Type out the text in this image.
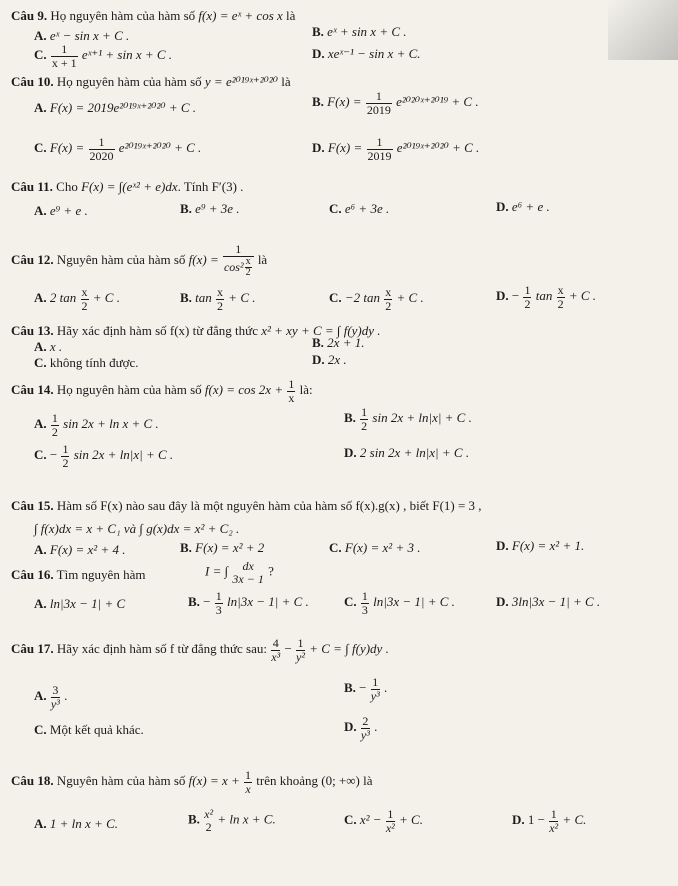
Câu 9. Họ nguyên hàm của hàm số f(x) = eˣ + cos x là
A. eˣ − sin x + C .	B. eˣ + sin x + C .
C. $\frac{1}{x + 1}$ eˣ⁺¹ + sin x + C .	D. xeˣ⁻¹ − sin x + C.
Câu 10. Họ nguyên hàm của hàm số y = e²⁰¹⁹ˣ⁺²⁰²⁰ là
A. F(x) = 2019e²⁰¹⁹ˣ⁺²⁰²⁰ + C .	B. $F(x) = \frac{1}{2019}$ e²⁰²⁰ˣ⁺²⁰¹⁹ + C .
C. $F(x) = \frac{1}{2020}$ e²⁰¹⁹ˣ⁺²⁰²⁰ + C .	D. $F(x) = \frac{1}{2019}$ e²⁰¹⁹ˣ⁺²⁰²⁰ + C .
Câu 11. Cho F(x) = ∫(eˣ² + e)dx. Tính F′(3) .
A. e⁹ + e .	B. e⁹ + 3e .	C. e⁶ + 3e .	D. e⁶ + e .
Câu 12. Nguyên hàm của hàm số $f(x) = \frac{1}{\cos^2 \frac{x}{2}}$ là
A. 2 $\tan \frac{x}{2} + C$ .	B. $\tan \frac{x}{2} + C$ .	C. −2 $\tan \frac{x}{2} + C$ .	D. − $\frac{1}{2}$ $\tan \frac{x}{2} + C$ .
Câu 13. Hãy xác định hàm số f(x) từ đẳng thức x² + xy + C = ∫ f(y)dy .
A. x .	B. 2x + 1.
C. không tính được.	D. 2x .
Câu 14. Họ nguyên hàm của hàm số $f(x) = \cos 2x + \frac{1}{x}$ là:
A. $\frac{1}{2}$ sin 2x + ln x + C .	B. $\frac{1}{2}$ sin 2x + ln|x| + C .
C. − $\frac{1}{2}$ sin 2x + ln|x| + C .	D. 2 sin 2x + ln|x| + C .
Câu 15. Hàm số F(x) nào sau đây là một nguyên hàm của hàm số f(x).g(x) , biết F(1) = 3 ,
∫ f(x)dx = x + C₁ và ∫ g(x)dx = x² + C₂ .
A. F(x) = x² + 4 .	B. F(x) = x² + 2	C. F(x) = x² + 3 .	D. F(x) = x² + 1.
Câu 16. Tìm nguyên hàm	I = ∫	dx
3x − 1
?
A. ln|3x − 1| + C	B. − $\frac{1}{3} \ln|3x - 1| + C$ .	C. $\frac{1}{3} \ln|3x - 1| + C$ .	D. 3ln|3x − 1| + C .
Câu 17. Hãy xác định hàm số f từ đẳng thức sau: $\frac{4}{\text{x³}} - \frac{1}{\text{y²}} + C$ = ∫ f(y)dy .
A. $\frac{3}{\text{y³}}$ .
B. − $\frac{1}{\text{y³}}$ .
C. Một kết quả khác.	D. $\frac{2}{\text{y³}}$ .
Câu 18. Nguyên hàm của hàm số $f(x) = x + \frac{1}{x}$ trên khoảng (0; +∞) là
A. 1 + ln x + C.	B. x²
2
+ ln x + C.	C. $x^2 - \frac{1}{\text{x²}} + C$.	D. $1 - \frac{1}{\text{x²}} + C$.
